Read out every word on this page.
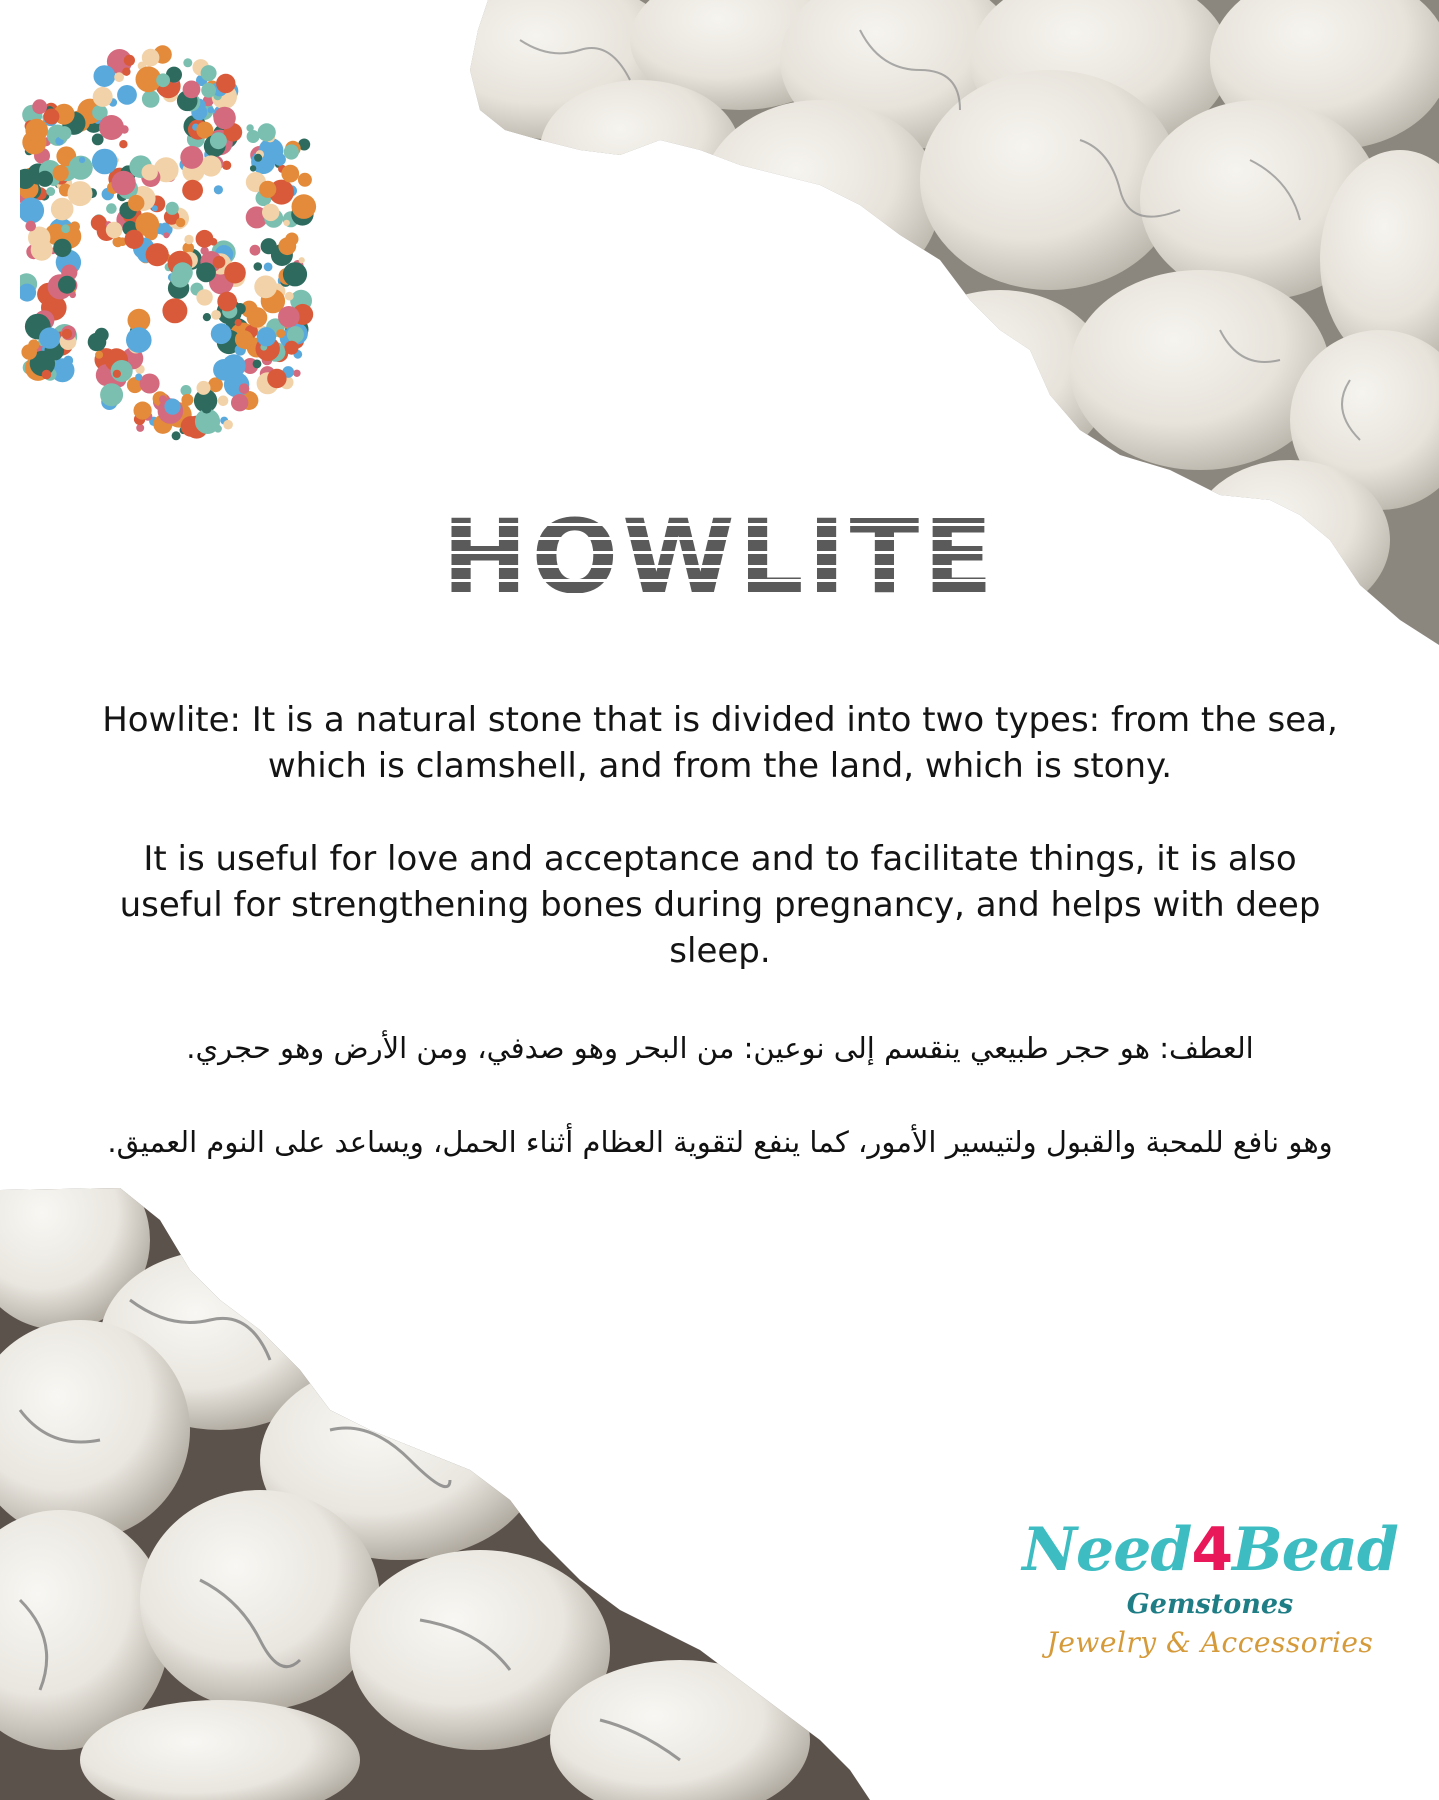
HOWLITE

Howlite: It is a natural stone that is divided into two types: from the sea, which is clamshell, and from the land, which is stony.

It is useful for love and acceptance and to facilitate things, it is also useful for strengthening bones during pregnancy, and helps with deep sleep.

العطف: هو حجر طبيعي ينقسم إلى نوعين: من البحر وهو صدفي، ومن الأرض وهو حجري.

وهو نافع للمحبة والقبول ولتيسير الأمور، كما ينفع لتقوية العظام أثناء الحمل، ويساعد على النوم العميق.

Need4Bead
Gemstones
Jewelry & Accessories
